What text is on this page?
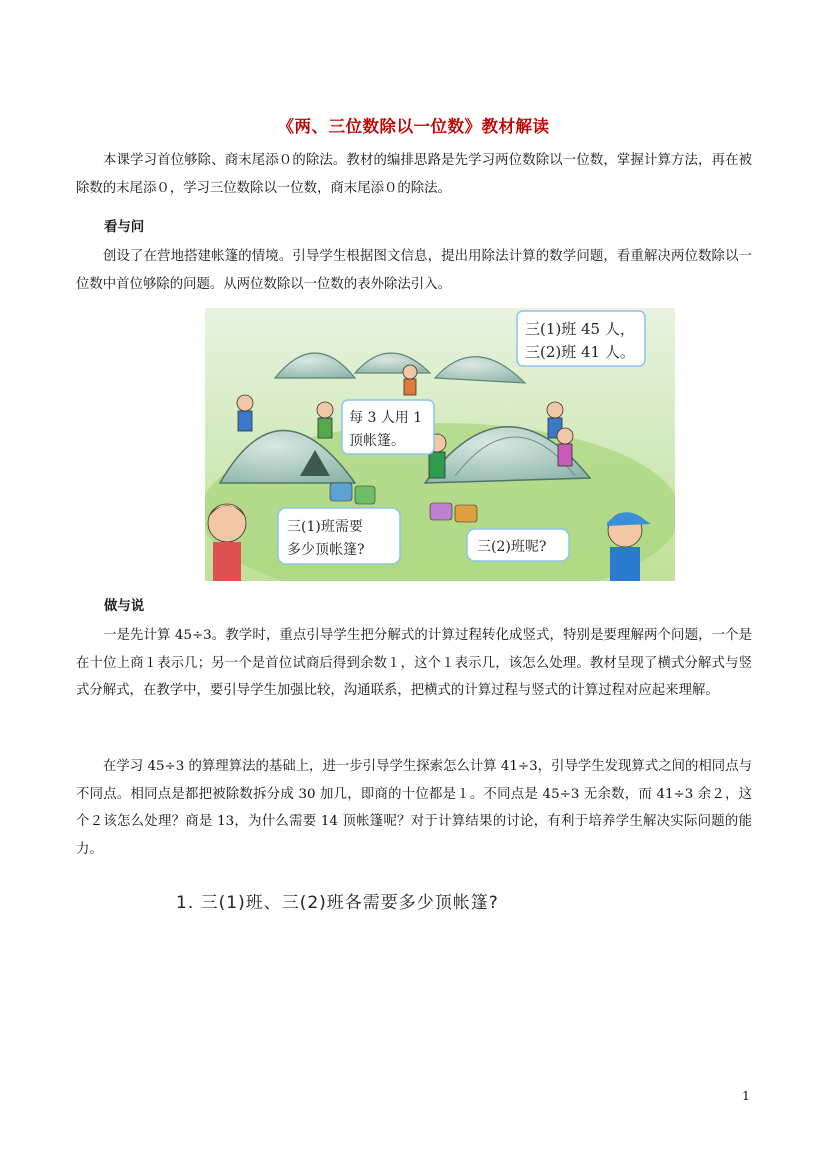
《两、三位数除以一位数》教材解读

本课学习首位够除、商末尾添０的除法。教材的编排思路是先学习两位数除以一位数，掌握计算方法，再在被除数的末尾添０，学习三位数除以一位数，商末尾添０的除法。

看与问

创设了在营地搭建帐篷的情境。引导学生根据图文信息，提出用除法计算的数学问题，看重解决两位数除以一位数中首位够除的问题。从两位数除以一位数的表外除法引入。

三(1)班 45 人，
三(2)班 41 人。
每 3 人用 1
顶帐篷。
三(1)班需要
多少顶帐篷?	三(2)班呢?
做与说

一是先计算 45÷3。教学时，重点引导学生把分解式的计算过程转化成竖式，特别是要理解两个问题，一个是在十位上商１表示几；另一个是首位试商后得到余数１，这个１表示几，该怎么处理。教材呈现了横式分解式与竖式分解式，在教学中，要引导学生加强比较，沟通联系，把横式的计算过程与竖式的计算过程对应起来理解。

在学习 45÷3 的算理算法的基础上，进一步引导学生探索怎么计算 41÷3，引导学生发现算式之间的相同点与不同点。相同点是都把被除数拆分成 30 加几，即商的十位都是１。不同点是 45÷3 无余数，而 41÷3 余２，这个２该怎么处理？商是 13，为什么需要 14 顶帐篷呢？对于计算结果的讨论，有利于培养学生解决实际问题的能力。

1. 三(1)班、三(2)班各需要多少顶帐篷?
1
